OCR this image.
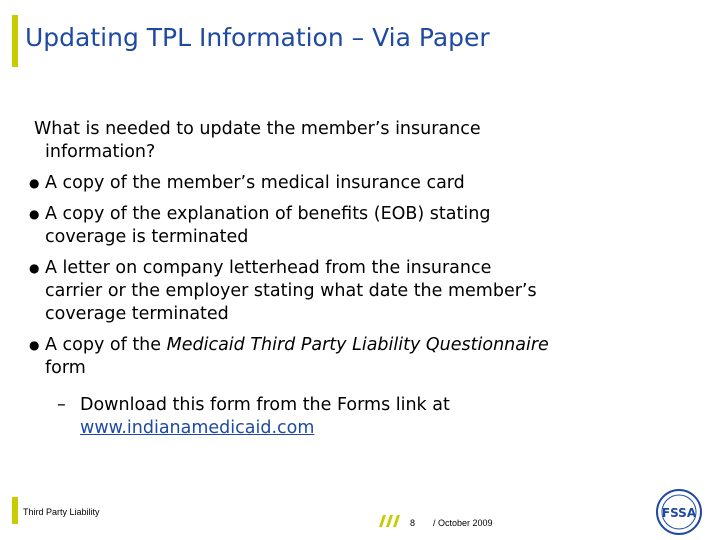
Updating TPL Information – Via Paper
What is needed to update the member’s insurance
information?
● A copy of the member’s medical insurance card
● A copy of the explanation of benefits (EOB) stating
coverage is terminated
● A letter on company letterhead from the insurance
carrier or the employer stating what date the member’s
coverage terminated
● A copy of the Medicaid Third Party Liability Questionnaire
form
– Download this form from the Forms link at
www.indianamedicaid.com
Third Party Liability
8 / October 2009
FSSA
